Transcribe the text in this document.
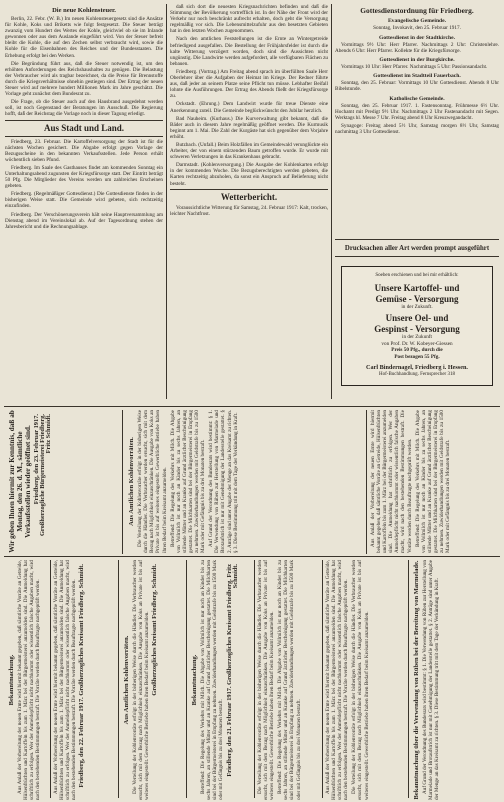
Die neue Kohlensteuer.

Berlin, 22. Febr. (W. B.) Im neuen Kohlensteuergesetz sind die Ansätze für Kohle, Koks und Briketts wie folgt festgesetzt. Die Steuer beträgt zwanzig vom Hundert des Wertes der Kohle, gleichviel ob sie im Inlande gewonnen oder aus dem Auslande eingeführt wird. Von der Steuer befreit bleibt die Kohle, die auf den Zechen selbst verbraucht wird, sowie die Kohle für die Eisenbahnen des Reiches und der Bundesstaaten. Die Erhebung erfolgt bei den Werken.

Die Begründung führt aus, daß die Steuer notwendig ist, um den erhöhten Anforderungen des Reichshaushaltes zu genügen. Die Belastung der Verbraucher wird als tragbar bezeichnet, da die Preise für Brennstoffe durch die Kriegsverhältnisse ohnehin gestiegen sind. Der Ertrag der neuen Steuer wird auf mehrere hundert Millionen Mark im Jahre geschätzt. Die Vorlage geht zunächst dem Bundesrat zu.

Die Frage, ob die Steuer auch auf den Hausbrand ausgedehnt werden soll, ist noch Gegenstand der Beratungen im Ausschuß. Die Regierung hofft, daß der Reichstag die Vorlage noch in dieser Tagung erledigt.

Aus Stadt und Land.

Friedberg, 23. Februar. Die Kartoffelversorgung der Stadt ist für die nächsten Wochen gesichert. Die Abgabe erfolgt gegen Vorlage der Bezugsscheine in den bekannten Verkaufsstellen. Jede Person erhält wöchentlich sieben Pfund.

Friedberg. Im Saale des Gasthauses findet am kommenden Sonntag ein Unterhaltungsabend zugunsten der Kriegsfürsorge statt. Der Eintritt beträgt 50 Pfg. Die Mitglieder des Vereins werden um zahlreiches Erscheinen gebeten.

Friedberg. (Regelmäßiger Gottesdienst.) Die Gottesdienste finden in der bisherigen Weise statt. Die Gemeinde wird gebeten, sich rechtzeitig einzufinden.

Friedberg. Der Verschönerungsverein hält seine Hauptversammlung am Dienstag abend im Vereinslokal ab. Auf der Tagesordnung stehen der Jahresbericht und die Rechnungsablage.

daß sich dort die neuesten Kriegsnachrichten befinden und daß die Stimmung der Bevölkerung vortrefflich ist. In der Nähe der Front wird der Verkehr nur noch beschränkt aufrecht erhalten, doch geht die Versorgung regelmäßig vor sich. Die Lebensmittelzufuhr aus den besetzten Gebieten hat in den letzten Wochen zugenommen.

Nach den amtlichen Feststellungen ist die Ernte an Wintergetreide befriedigend ausgefallen. Die Bestellung der Frühjahrsfelder ist durch die kalte Witterung verzögert worden, doch sind die Aussichten nicht ungünstig. Die Landwirte werden aufgefordert, alle verfügbaren Flächen zu bebauen.

Friedberg. (Vortrag.) Am Freitag abend sprach im überfüllten Saale Herr Oberlehrer über die Aufgaben der Heimat im Kriege. Der Redner führte aus, daß jeder an seinem Platze seine Pflicht tun müsse. Lebhafter Beifall lohnte die Ausführungen. Der Ertrag des Abends fließt der Kriegsfürsorge zu.

Ockstadt. (Ehrung.) Dem Landwirt wurde für treue Dienste eine Anerkennung zuteil. Die Gemeinde beglückwünscht den Jubilar herzlich.

Bad Nauheim. (Kurhaus.) Die Kurverwaltung gibt bekannt, daß die Bäder auch in diesem Jahre regelmäßig geöffnet werden. Die Kurmusik beginnt am 1. Mai. Die Zahl der Kurgäste hat sich gegenüber dem Vorjahre erhöht.

Butzbach. (Unfall.) Beim Holzfällen im Gemeindewald verunglückte ein Arbeiter, der von einem stürzenden Baum getroffen wurde. Er wurde mit schweren Verletzungen in das Krankenhaus gebracht.

Darmstadt. (Kohlenversorgung.) Die Ausgabe der Kohlenkarten erfolgt in der kommenden Woche. Die Bezugsberechtigten werden gebeten, die Karten rechtzeitig abzuholen, da sonst ein Anspruch auf Belieferung nicht besteht.

Wetterbericht.

Voraussichtliche Witterung für Samstag, 24. Februar 1917: Kalt, trocken, leichter Nachtfrost.

Gottesdienstordnung für Friedberg.
Evangelische Gemeinde.

Sonntag, Invokavit, den 25. Februar 1917.

Gottesdienst in der Stadtkirche.

Vormittags 9½ Uhr: Herr Pfarrer. Nachmittags 2 Uhr: Christenlehre. Abends 6 Uhr: Herr Pfarrer. Kollekte für die Kriegsfürsorge.

Gottesdienst in der Burgkirche.

Vormittags 10 Uhr: Herr Pfarrer. Nachmittags 5 Uhr: Passionsandacht.

Gottesdienst im Stadtteil Fauerbach.

Sonntag, den 25. Februar: Vormittags 10 Uhr Gottesdienst. Abends 8 Uhr Bibelstunde.

Katholische Gemeinde.

Sonntag, den 25. Februar 1917. 1. Fastensonntag. Frühmesse 6½ Uhr. Hochamt mit Predigt 9½ Uhr. Nachmittags 2 Uhr Fastenandacht mit Segen. Werktags hl. Messe 7 Uhr. Freitag abend 8 Uhr Kreuzwegandacht.

Synagoge: Freitag abend 5½ Uhr, Samstag morgen 8½ Uhr, Samstag nachmittag 3 Uhr Gottesdienst.

Drucksachen aller Art werden prompt ausgeführt
Soeben erschienen und bei mir erhältlich:
Unsere Kartoffel- und
Gemüse - Versorgung
in der Zukunft.
Unsere Oel- und
Gespinst - Versorgung
in der Zukunft
von Prof. Dr. W. Kobeyer-Giessen
Preis 50 Pfg., durch die
Post bezogen 55 Pfg.
Carl Bindernagel, Friedberg i. Hessen.
Hof-Buchhandlung. Fernsprecher 318
Bekanntmachung. Aus Anlaß der Vorbereitung der neuen Ernte wird hiermit bekannt gegeben, daß sämtliche Vorräte an Getreide, Hülsenfrüchten und Kartoffeln bis zum 1. März bei der Bürgermeisterei anzumelden sind. Die Anmeldung hat schriftlich zu erfolgen. Wer der Anmeldepflicht nicht nachkommt oder wissentlich falsche Angaben macht, wird nach den bestehenden Bestimmungen bestraft. Die Vorräte werden durch Beauftragte nachgeprüft werden. Aus Anlaß der Vorbereitung der neuen Ernte wird hiermit bekannt gegeben, daß sämtliche Vorräte an Getreide, Hülsenfrüchten und Kartoffeln bis zum 1. März bei der Bürgermeisterei anzumelden sind. Die Anmeldung hat schriftlich zu erfolgen. Wer der Anmeldepflicht nicht nachkommt oder wissentlich falsche Angaben macht, wird nach den bestehenden Bestimmungen bestraft. Die Vorräte werden durch Beauftragte nachgeprüft werden. Friedberg, den 22. Februar 1917. Großherzogliches Kreisamt Friedberg. Schmidt.	Aus Amtlichen Kohlenvorräten. Die Verteilung der Kohlenvorräte erfolgt in der bisherigen Weise durch die Händler. Die Verbraucher werden ersucht, sich mit dem Bezug nach Möglichkeit einzuschränken. Die Ausgabe von Koks an Private ist bis auf weiteres eingestellt. Gewerbliche Betriebe haben ihren Bedarf beim Kreisamt anzumelden. Großherzogliches Kreisamt Friedberg. Schmidt.	Bekanntmachung. Betreffend: Die Regelung des Verkehrs mit Milch. Die Abgabe von Vollmilch ist nur noch an Kinder bis zu sechs Jahren, an stillende Mütter und an Kranke auf Grund ärztlicher Bescheinigung gestattet. Die Milchkarten sind bei der Bürgermeisterei in Empfang zu nehmen. Zuwiderhandlungen werden mit Geldstrafe bis zu 1500 Mark oder mit Gefängnis bis zu drei Monaten bestraft. Friedberg, den 21. Februar 1917. Großherzogliches Kreisamt Friedberg. Fritz Schmidt.	Die Verteilung der Kohlenvorräte erfolgt in der bisherigen Weise durch die Händler. Die Verbraucher werden ersucht, sich mit dem Bezug nach Möglichkeit einzuschränken. Die Ausgabe von Koks an Private ist bis auf weiteres eingestellt. Gewerbliche Betriebe haben ihren Bedarf beim Kreisamt anzumelden. Betreffend: Die Regelung des Verkehrs mit Milch. Die Abgabe von Vollmilch ist nur noch an Kinder bis zu sechs Jahren, an stillende Mütter und an Kranke auf Grund ärztlicher Bescheinigung gestattet. Die Milchkarten sind bei der Bürgermeisterei in Empfang zu nehmen. Zuwiderhandlungen werden mit Geldstrafe bis zu 1500 Mark oder mit Gefängnis bis zu drei Monaten bestraft.	Aus Anlaß der Vorbereitung der neuen Ernte wird hiermit bekannt gegeben, daß sämtliche Vorräte an Getreide, Hülsenfrüchten und Kartoffeln bis zum 1. März bei der Bürgermeisterei anzumelden sind. Die Anmeldung hat schriftlich zu erfolgen. Wer der Anmeldepflicht nicht nachkommt oder wissentlich falsche Angaben macht, wird nach den bestehenden Bestimmungen bestraft. Die Vorräte werden durch Beauftragte nachgeprüft werden. Die Verteilung der Kohlenvorräte erfolgt in der bisherigen Weise durch die Händler. Die Verbraucher werden ersucht, sich mit dem Bezug nach Möglichkeit einzuschränken. Die Ausgabe von Koks an Private ist bis auf weiteres eingestellt. Gewerbliche Betriebe haben ihren Bedarf beim Kreisamt anzumelden.	Bekanntmachung über die Verwendung von Rüben bei der Bereitung von Marmelade. Auf Grund der Verordnung des Bundesrats wird bestimmt: § 1. Die Verwendung von Rüben zur Herstellung von Marmelade und Brotaufstrich ist nur mit Genehmigung der Landesstelle gestattet. § 2. Anträge sind unter Angabe der Menge an das Kreisamt zu richten. § 3. Diese Bestimmung tritt mit dem Tage der Verkündung in Kraft.

Wir geben Ihnen hiermit zur Kenntnis, daß ab Montag, den 26. d. M., sämtliche Verkaufsstellen wieder geöffnet sind. Friedberg, den 23. Februar 1917. Großherzogliche Bürgermeisterei Friedberg. Fritz Schmidt.
Aus Amtlichen Kohlenvorräten. Die Verteilung der Kohlenvorräte erfolgt in der bisherigen Weise durch die Händler. Die Verbraucher werden ersucht, sich mit dem Bezug nach Möglichkeit einzuschränken. Die Ausgabe von Koks an Private ist bis auf weiteres eingestellt. Gewerbliche Betriebe haben ihren Bedarf beim Kreisamt anzumelden. Betreffend: Die Regelung des Verkehrs mit Milch. Die Abgabe von Vollmilch ist nur noch an Kinder bis zu sechs Jahren, an stillende Mütter und an Kranke auf Grund ärztlicher Bescheinigung gestattet. Die Milchkarten sind bei der Bürgermeisterei in Empfang zu nehmen. Zuwiderhandlungen werden mit Geldstrafe bis zu 1500 Mark oder mit Gefängnis bis zu drei Monaten bestraft. Auf Grund der Verordnung des Bundesrats wird bestimmt: § 1. Die Verwendung von Rüben zur Herstellung von Marmelade und Brotaufstrich ist nur mit Genehmigung der Landesstelle gestattet. § 2. Anträge sind unter Angabe der Menge an das Kreisamt zu richten. § 3. Diese Bestimmung tritt mit dem Tage der Verkündung in Kraft.	Aus Anlaß der Vorbereitung der neuen Ernte wird hiermit bekannt gegeben, daß sämtliche Vorräte an Getreide, Hülsenfrüchten und Kartoffeln bis zum 1. März bei der Bürgermeisterei anzumelden sind. Die Anmeldung hat schriftlich zu erfolgen. Wer der Anmeldepflicht nicht nachkommt oder wissentlich falsche Angaben macht, wird nach den bestehenden Bestimmungen bestraft. Die Vorräte werden durch Beauftragte nachgeprüft werden. Betreffend: Die Regelung des Verkehrs mit Milch. Die Abgabe von Vollmilch ist nur noch an Kinder bis zu sechs Jahren, an stillende Mütter und an Kranke auf Grund ärztlicher Bescheinigung gestattet. Die Milchkarten sind bei der Bürgermeisterei in Empfang zu nehmen. Zuwiderhandlungen werden mit Geldstrafe bis zu 1500 Mark oder mit Gefängnis bis zu drei Monaten bestraft.
